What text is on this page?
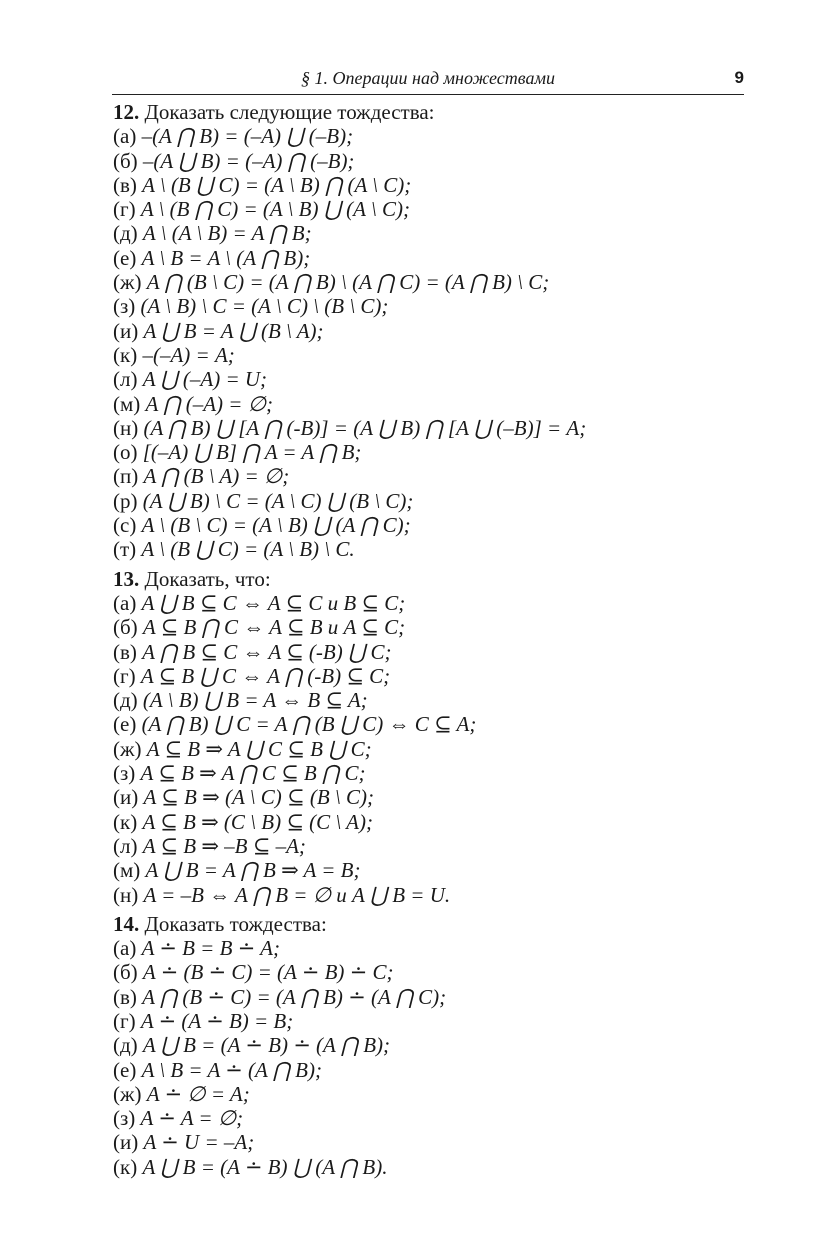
§ 1. Операции над множествами	9
12. Доказать следующие тождества:
(а) –(A ⋂ B) = (–A) ⋃ (–B);
(б) –(A ⋃ B) = (–A) ⋂ (–B);
(в) A \ (B ⋃ C) = (A \ B) ⋂ (A \ C);
(г) A \ (B ⋂ C) = (A \ B) ⋃ (A \ C);
(д) A \ (A \ B) = A ⋂ B;
(е) A \ B = A \ (A ⋂ B);
(ж) A ⋂ (B \ C) = (A ⋂ B) \ (A ⋂ C) = (A ⋂ B) \ C;
(з) (A \ B) \ C = (A \ C) \ (B \ C);
(и) A ⋃ B = A ⋃ (B \ A);
(к) –(–A) = A;
(л) A ⋃ (–A) = U;
(м) A ⋂ (–A) = ∅;
(н) (A ⋂ B) ⋃ [A ⋂ (-B)] = (A ⋃ B) ⋂ [A ⋃ (–B)] = A;
(о) [(–A) ⋃ B] ⋂ A = A ⋂ B;
(п) A ⋂ (B \ A) = ∅;
(р) (A ⋃ B) \ C = (A \ C) ⋃ (B \ C);
(с) A \ (B \ C) = (A \ B) ⋃ (A ⋂ C);
(т) A \ (B ⋃ C) = (A \ B) \ C.
13. Доказать, что:
(а) A ⋃ B ⊆ C ⇔ A ⊆ C и B ⊆ C;
(б) A ⊆ B ⋂ C ⇔ A ⊆ B и A ⊆ C;
(в) A ⋂ B ⊆ C ⇔ A ⊆ (-B) ⋃ C;
(г) A ⊆ B ⋃ C ⇔ A ⋂ (-B) ⊆ C;
(д) (A \ B) ⋃ B = A ⇔ B ⊆ A;
(е) (A ⋂ B) ⋃ C = A ⋂ (B ⋃ C) ⇔ C ⊆ A;
(ж) A ⊆ B ⇒ A ⋃ C ⊆ B ⋃ C;
(з) A ⊆ B ⇒ A ⋂ C ⊆ B ⋂ C;
(и) A ⊆ B ⇒ (A \ C) ⊆ (B \ C);
(к) A ⊆ B ⇒ (C \ B) ⊆ (C \ A);
(л) A ⊆ B ⇒ –B ⊆ –A;
(м) A ⋃ B = A ⋂ B ⇒ A = B;
(н) A = –B ⇔ A ⋂ B = ∅ и A ⋃ B = U.
14. Доказать тождества:
(а) A ∸ B = B ∸ A;
(б) A ∸ (B ∸ C) = (A ∸ B) ∸ C;
(в) A ⋂ (B ∸ C) = (A ⋂ B) ∸ (A ⋂ C);
(г) A ∸ (A ∸ B) = B;
(д) A ⋃ B = (A ∸ B) ∸ (A ⋂ B);
(е) A \ B = A ∸ (A ⋂ B);
(ж) A ∸ ∅ = A;
(з) A ∸ A = ∅;
(и) A ∸ U = –A;
(к) A ⋃ B = (A ∸ B) ⋃ (A ⋂ B).
